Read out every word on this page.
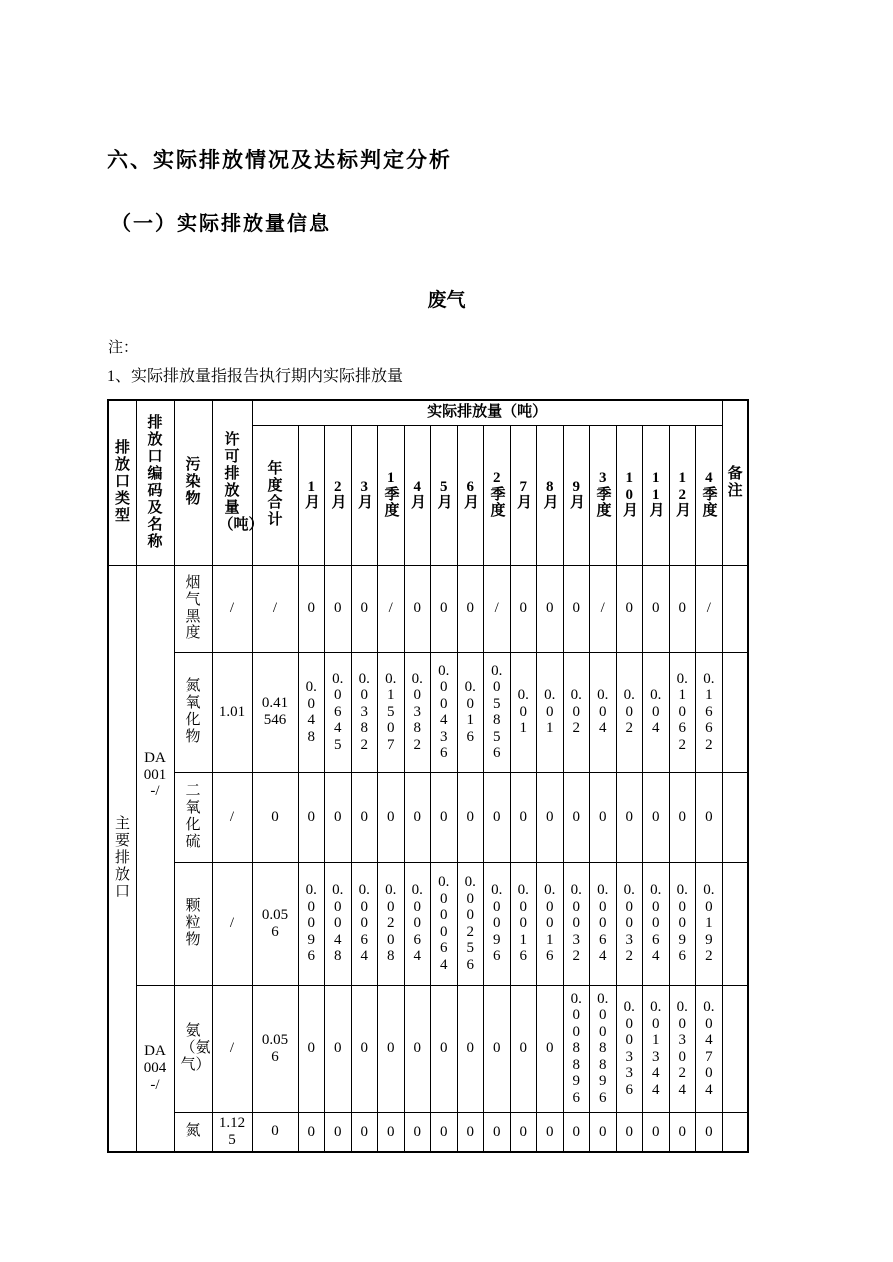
六、实际排放情况及达标判定分析
（一）实际排放量信息
废气
注：
1、实际排放量指报告执行期内实际排放量
排放口类型	排放口编码及名称	污染物	许可排放量（吨）	实际排放量（吨）																	备注
				年度合计	1月	2月	3月	1季度	4月	5月	6月	2季度	7月	8月	9月	3季度	10月	11月	12月	4季度	
主要排放口	DA001-/	烟气黑度	/	/	0	0	0	/	0	0	0	/	0	0	0	/	0	0	0	/	
		氮氧化物	1.01	0.41546	0.048	0.0645	0.0382	0.1507	0.0382	0.00436	0.016	0.05856	0.01	0.01	0.02	0.04	0.02	0.04	0.1062	0.1662	
		二氧化硫	/	0	0	0	0	0	0	0	0	0	0	0	0	0	0	0	0	0	
		颗粒物	/	0.056	0.0096	0.0048	0.0064	0.0208	0.0064	0.00064	0.00256	0.0096	0.0016	0.0016	0.0032	0.0064	0.0032	0.0064	0.0096	0.0192	
	DA004-/	氨（氨气）	/	0.056	0	0	0	0	0	0	0	0	0	0	0.008896	0.008896	0.00336	0.01344	0.03024	0.04704	
		氮	1.125	0	0	0	0	0	0	0	0	0	0	0	0	0	0	0	0	0	
